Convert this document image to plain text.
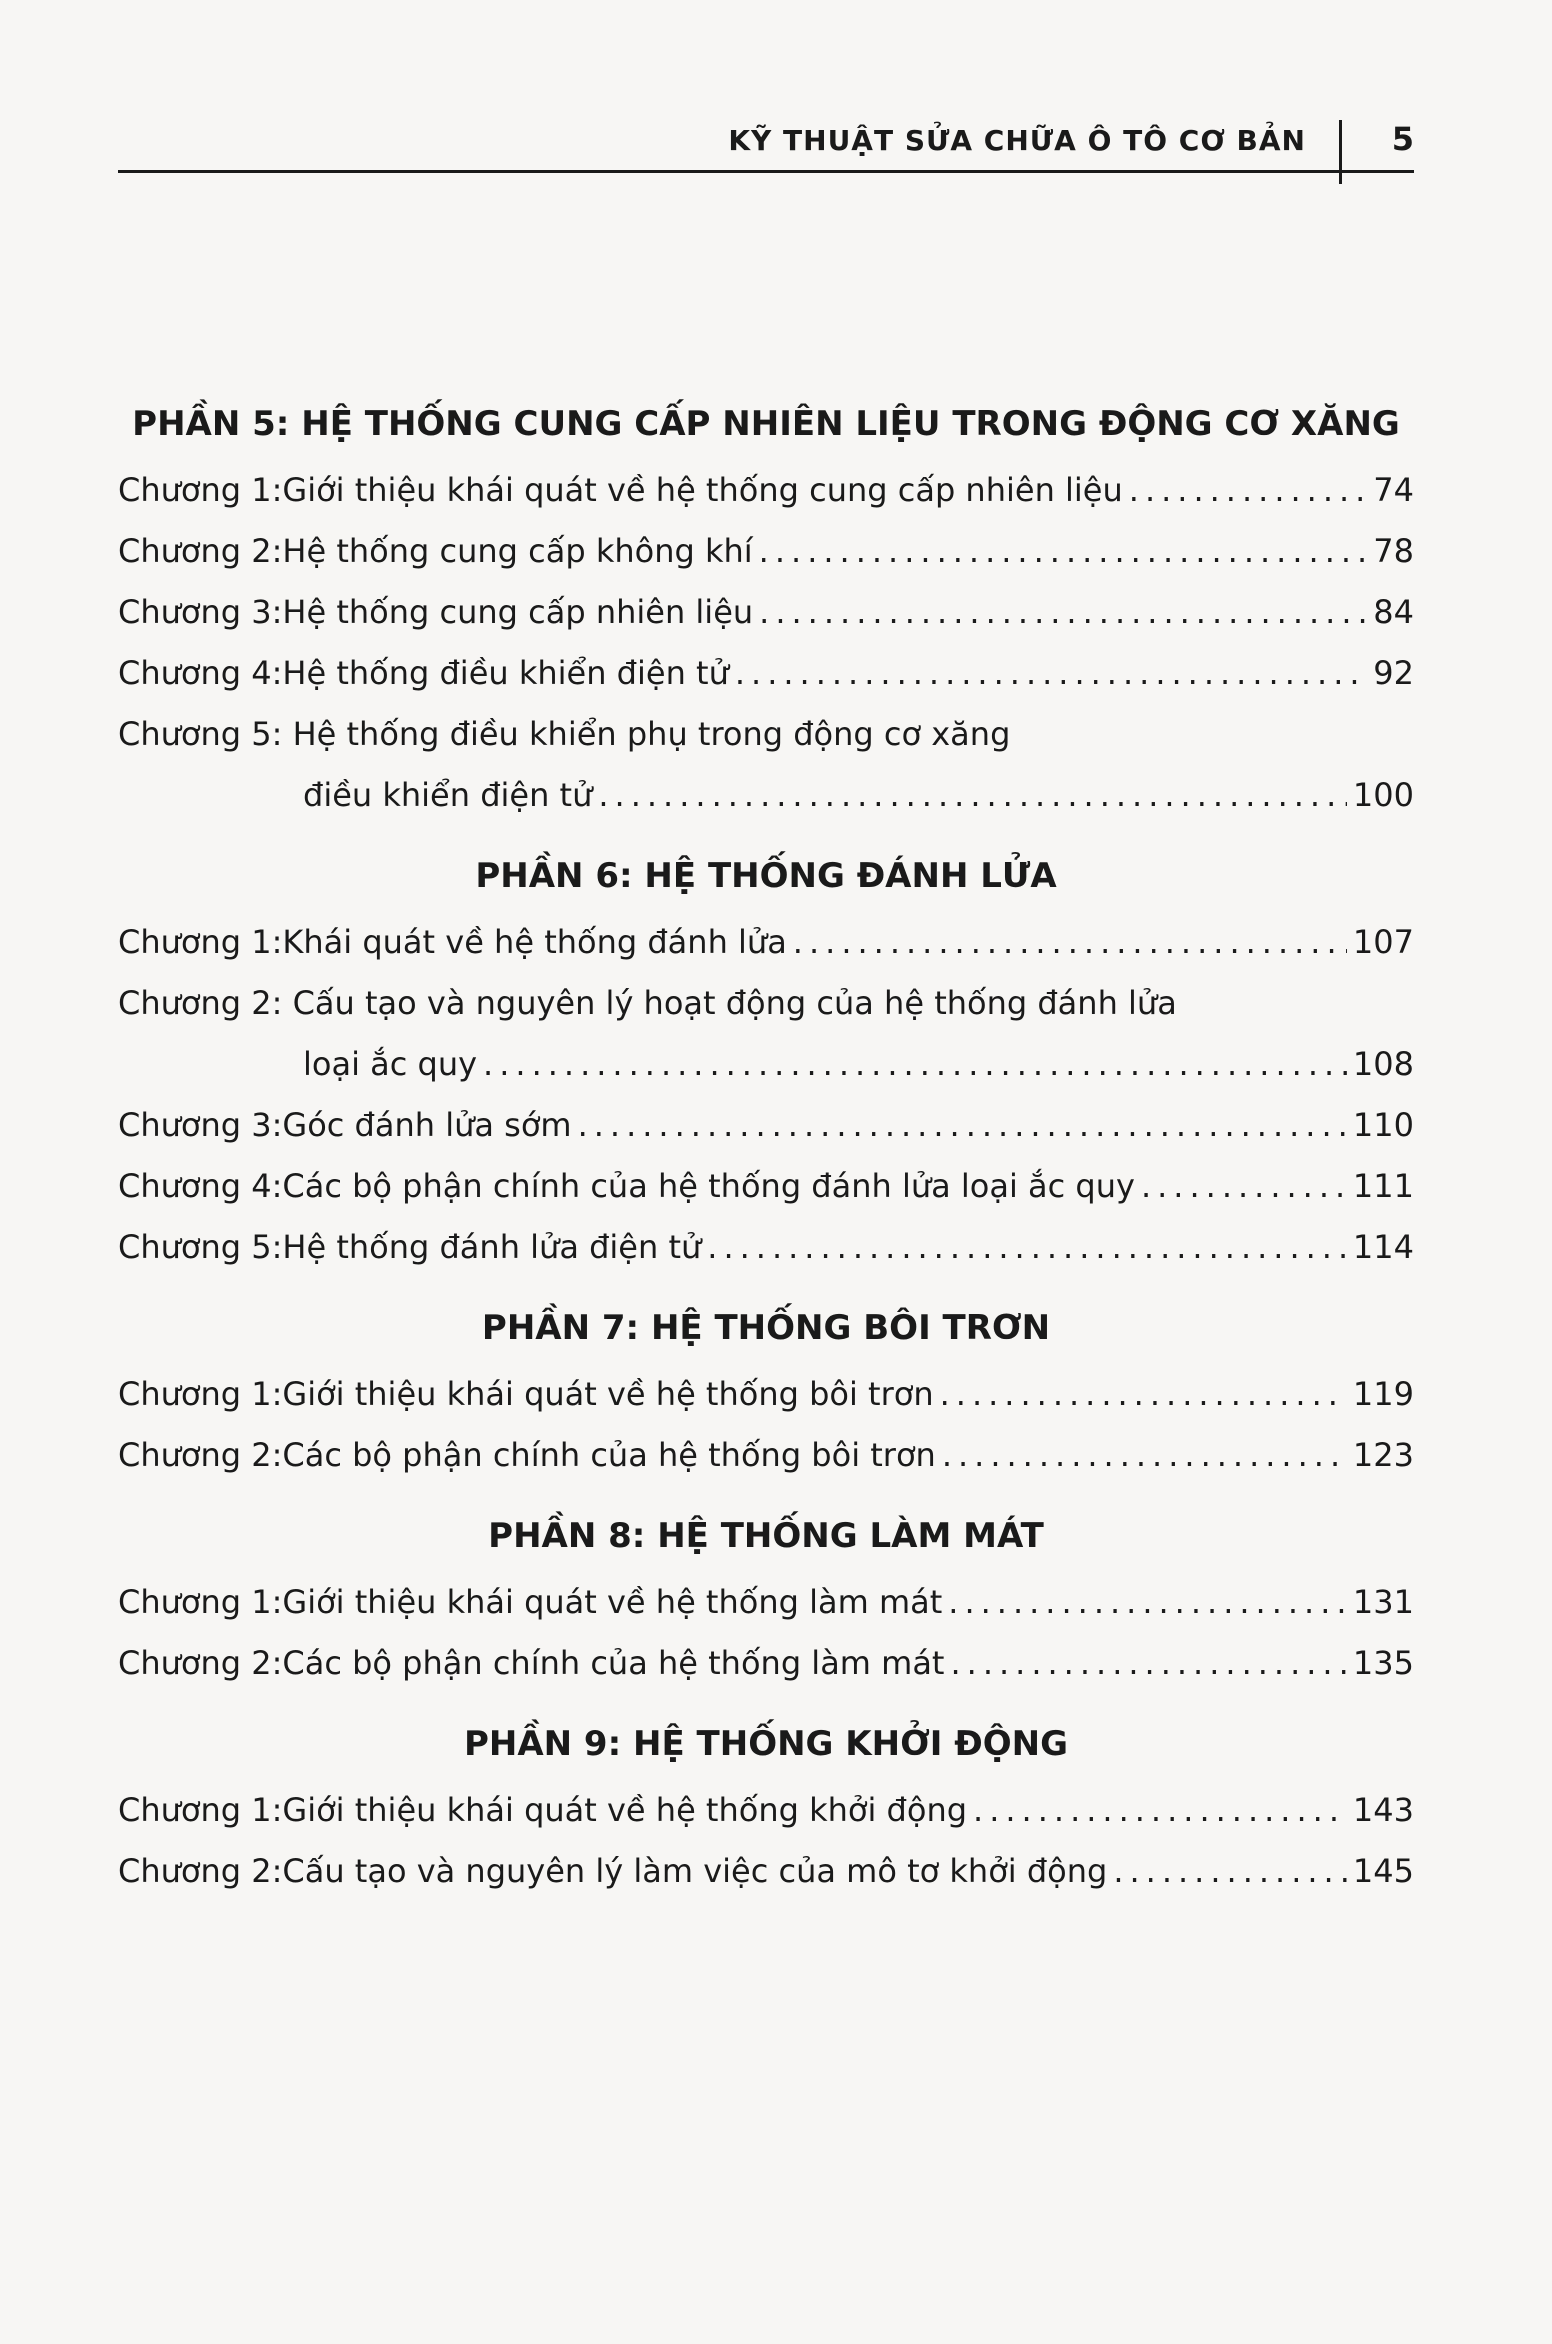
KỸ THUẬT SỬA CHỮA Ô TÔ CƠ BẢN	5
PHẦN 5: HỆ THỐNG CUNG CẤP NHIÊN LIỆU TRONG ĐỘNG CƠ XĂNG
Chương 1: Giới thiệu khái quát về hệ thống cung cấp nhiên liệu .....	74
Chương 2: Hệ thống cung cấp không khí .....	78
Chương 3: Hệ thống cung cấp nhiên liệu .....	84
Chương 4: Hệ thống điều khiển điện tử .....	92
Chương 5: Hệ thống điều khiển phụ trong động cơ xăng
điều khiển điện tử .....	100
PHẦN 6: HỆ THỐNG ĐÁNH LỬA
Chương 1: Khái quát về hệ thống đánh lửa .....	107
Chương 2: Cấu tạo và nguyên lý hoạt động của hệ thống đánh lửa
loại ắc quy .....	108
Chương 3: Góc đánh lửa sớm .....	110
Chương 4: Các bộ phận chính của hệ thống đánh lửa loại ắc quy .....	111
Chương 5: Hệ thống đánh lửa điện tử .....	114
PHẦN 7: HỆ THỐNG BÔI TRƠN
Chương 1: Giới thiệu khái quát về hệ thống bôi trơn .....	119
Chương 2: Các bộ phận chính của hệ thống bôi trơn .....	123
PHẦN 8: HỆ THỐNG LÀM MÁT
Chương 1: Giới thiệu khái quát về hệ thống làm mát .....	131
Chương 2: Các bộ phận chính của hệ thống làm mát .....	135
PHẦN 9: HỆ THỐNG KHỞI ĐỘNG
Chương 1: Giới thiệu khái quát về hệ thống khởi động .....	143
Chương 2: Cấu tạo và nguyên lý làm việc của mô tơ khởi động .....	145
